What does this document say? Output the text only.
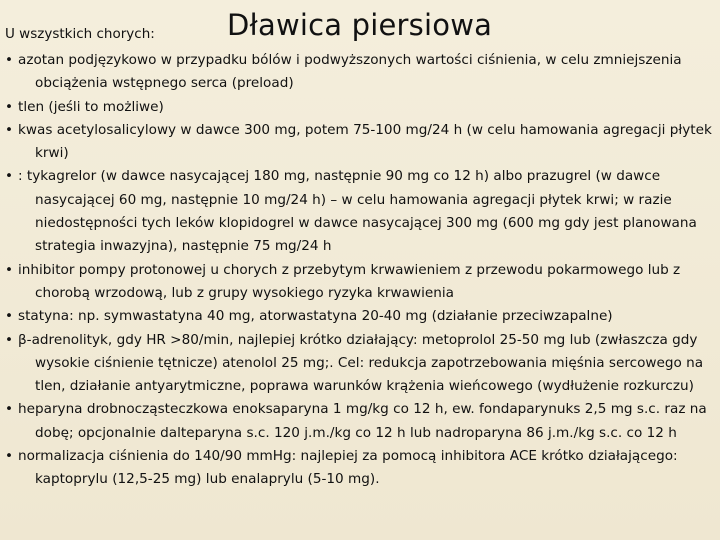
U wszystkich chorych: Dławica piersiowa
• azotan podjęzykowo w przypadku bólów i podwyższonych wartości ciśnienia, w celu zmniejszenia obciążenia wstępnego serca (preload)
• tlen (jeśli to możliwe)
• kwas acetylosalicylowy w dawce 300 mg, potem 75-100 mg/24 h (w celu hamowania agregacji płytek krwi)
• : tykagrelor (w dawce nasycającej 180 mg, następnie 90 mg co 12 h) albo prazugrel (w dawce nasycającej 60 mg, następnie 10 mg/24 h) – w celu hamowania agregacji płytek krwi; w razie niedostępności tych leków klopidogrel w dawce nasycającej 300 mg (600 mg gdy jest planowana strategia inwazyjna), następnie 75 mg/24 h
• inhibitor pompy protonowej u chorych z przebytym krwawieniem z przewodu pokarmowego lub z chorobą wrzodową, lub z grupy wysokiego ryzyka krwawienia
• statyna: np. symwastatyna 40 mg, atorwastatyna 20-40 mg (działanie przeciwzapalne)
• β-adrenolityk, gdy HR >80/min, najlepiej krótko działający: metoprolol 25-50 mg lub (zwłaszcza gdy wysokie ciśnienie tętnicze) atenolol 25 mg;. Cel: redukcja zapotrzebowania mięśnia sercowego na tlen, działanie antyarytmiczne, poprawa warunków krążenia wieńcowego (wydłużenie rozkurczu)
• heparyna drobnocząsteczkowa enoksaparyna 1 mg/kg co 12 h, ew. fondaparynuks 2,5 mg s.c. raz na dobę; opcjonalnie dalteparyna s.c. 120 j.m./kg co 12 h lub nadroparyna 86 j.m./kg s.c. co 12 h
• normalizacja ciśnienia do 140/90 mmHg: najlepiej za pomocą inhibitora ACE krótko działającego: kaptoprylu (12,5-25 mg) lub enalaprylu (5-10 mg).
